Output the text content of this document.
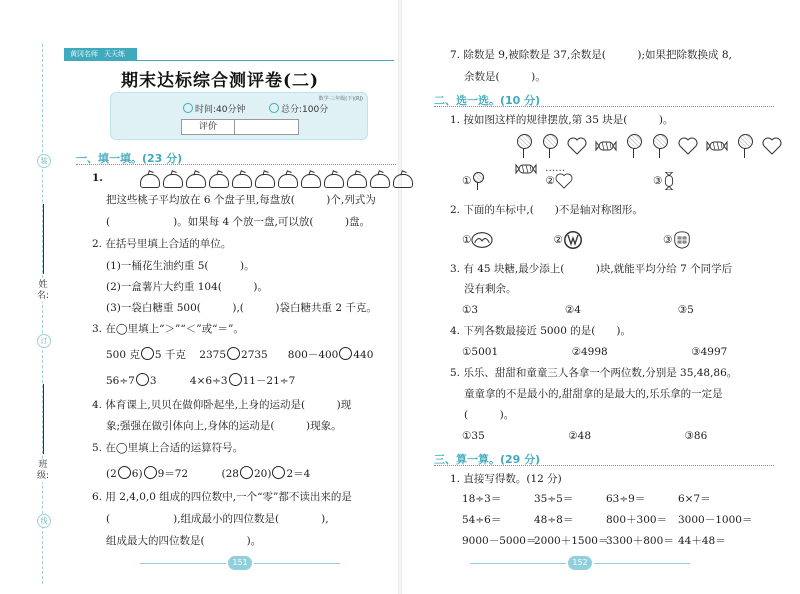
装
姓名:
订
班级:
线
黄冈名师 天天练
期末达标综合测评卷(二)
数学·三年级(下)(RJ)
时间:40分钟	总分:100分
评价
一、填一填。(23 分)
1.
把这些桃子平均放在 6 个盘子里,每盘放(　　　)个,列式为
(　　　　　　)。如果每 4 个放一盘,可以放(　　　)盘。
2. 在括号里填上合适的单位。
(1)一桶花生油约重 5(　　　)。
(2)一盒薯片大约重 104(　　　)。
(3)一袋白糖重 500(　　　),(　　　)袋白糖共重 2 千克。
3. 在◯里填上“＞”“＜”或“＝”。
500 克 5 千克 2375 2735 800－400 440
56÷7 3	4×6÷3 11－21÷7
4. 体育课上,贝贝在做仰卧起坐,上身的运动是(　　　)现
象;强强在做引体向上,身体的运动是(　　　)现象。
5. 在◯里填上合适的运算符号。
(2 6) 9＝72	(28 20) 2＝4
6. 用 2,4,0,0 组成的四位数中,一个“零”都不读出来的是
(　　　　　　),组成最小的四位数是(　　　　),
组成最大的四位数是(　　　　)。
151
7. 除数是 9,被除数是 37,余数是(　　　);如果把除数换成 8,
余数是(　　　)。
二、选一选。(10 分)
1. 按如图这样的规律摆放,第 35 块是(　　　)。

……
①	②	③
2. 下面的车标中,(　　)不是轴对称图形。
①	②	③
3. 有 45 块糖,最少添上(　　　)块,就能平均分给 7 个同学后
没有剩余。
①3	②4	③5
4. 下列各数最接近 5000 的是(　　)。
①5001	②4998	③4997
5. 乐乐、甜甜和童童三人各拿一个两位数,分别是 35,48,86。
童童拿的不是最小的,甜甜拿的是最大的,乐乐拿的一定是
(　　　)。
①35	②48	③86
三、算一算。(29 分)
1. 直接写得数。(12 分)
18÷3＝	35÷5＝	63÷9＝	6×7＝
54÷6＝	48÷8＝	800＋300＝ 3000－1000＝
9000－5000＝2000＋1500＝3300＋800＝ 44＋48＝
152
